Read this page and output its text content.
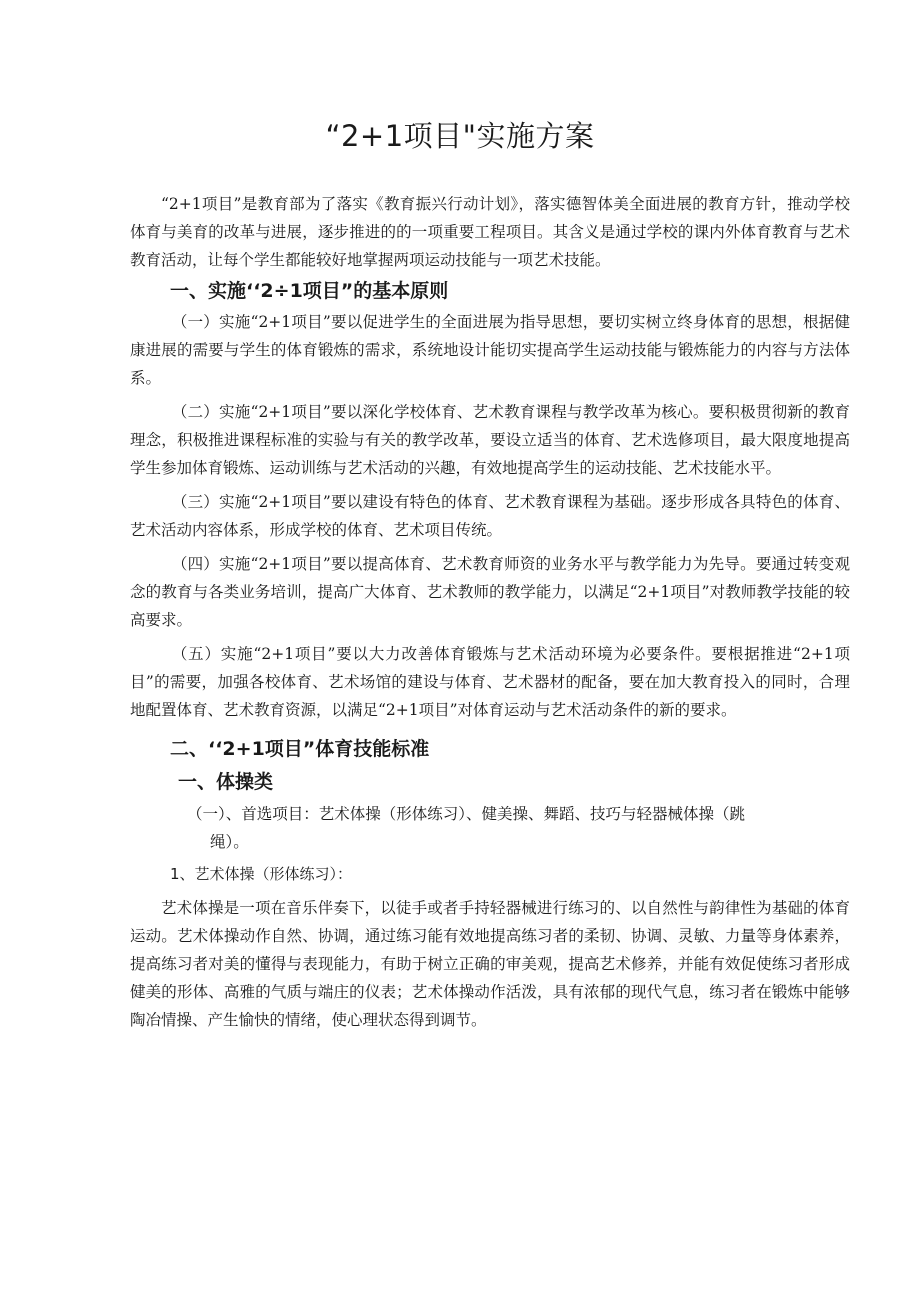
“2+1项目"实施方案

“2+1项目”是教育部为了落实《教育振兴行动计划》，落实德智体美全面进展的教育方针，推动学校体育与美育的改革与进展，逐步推进的的一项重要工程项目。其含义是通过学校的课内外体育教育与艺术教育活动，让每个学生都能较好地掌握两项运动技能与一项艺术技能。

一、实施‘‘2÷1项目”的基本原则

（一）实施“2+1项目”要以促进学生的全面进展为指导思想，要切实树立终身体育的思想，根据健康进展的需要与学生的体育锻炼的需求，系统地设计能切实提高学生运动技能与锻炼能力的内容与方法体系。

（二）实施“2+1项目”要以深化学校体育、艺术教育课程与教学改革为核心。要积极贯彻新的教育理念，积极推进课程标准的实验与有关的教学改革，要设立适当的体育、艺术选修项目，最大限度地提高学生参加体育锻炼、运动训练与艺术活动的兴趣，有效地提高学生的运动技能、艺术技能水平。

（三）实施“2+1项目”要以建设有特色的体育、艺术教育课程为基础。逐步形成各具特色的体育、艺术活动内容体系，形成学校的体育、艺术项目传统。

（四）实施“2+1项目”要以提高体育、艺术教育师资的业务水平与教学能力为先导。要通过转变观念的教育与各类业务培训，提高广大体育、艺术教师的教学能力，以满足“2+1项目”对教师教学技能的较高要求。

（五）实施“2+1项目”要以大力改善体育锻炼与艺术活动环境为必要条件。要根据推进“2+1项目”的需要，加强各校体育、艺术场馆的建设与体育、艺术器材的配备，要在加大教育投入的同时，合理地配置体育、艺术教育资源，以满足“2+1项目”对体育运动与艺术活动条件的新的要求。

二、‘‘2+1项目”体育技能标准
一、体操类
（一）、首选项目：艺术体操（形体练习）、健美操、舞蹈、技巧与轻器械体操（跳
绳）。
1、艺术体操（形体练习）：

艺术体操是一项在音乐伴奏下，以徒手或者手持轻器械进行练习的、以自然性与韵律性为基础的体育运动。艺术体操动作自然、协调，通过练习能有效地提高练习者的柔韧、协调、灵敏、力量等身体素养，提高练习者对美的懂得与表现能力，有助于树立正确的审美观，提高艺术修养，并能有效促使练习者形成健美的形体、高雅的气质与端庄的仪表；艺术体操动作活泼，具有浓郁的现代气息，练习者在锻炼中能够陶冶情操、产生愉快的情绪，使心理状态得到调节。
